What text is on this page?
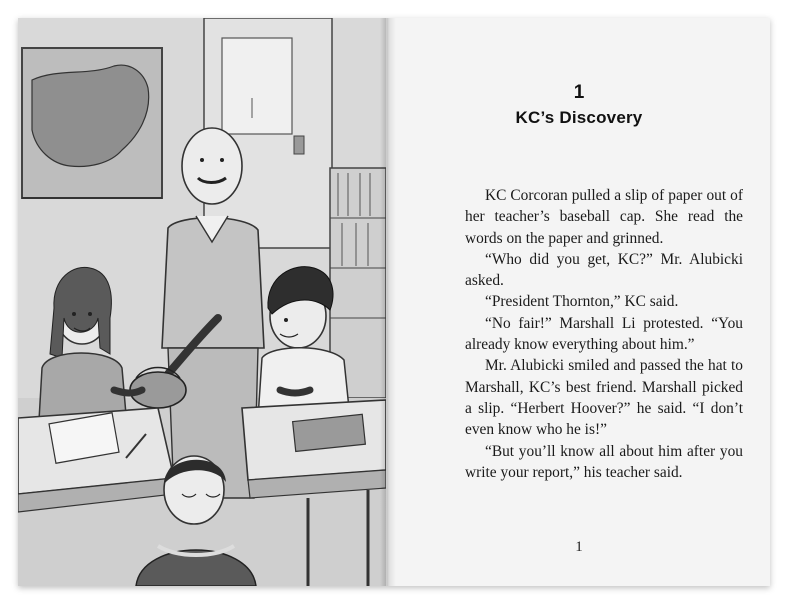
1
KC’s Discovery

KC Corcoran pulled a slip of paper out of her teacher’s baseball cap. She read the words on the paper and grinned.

“Who did you get, KC?” Mr. Alubicki asked.

“President Thornton,” KC said.

“No fair!” Marshall Li protested. “You already know everything about him.”

Mr. Alubicki smiled and passed the hat to Marshall, KC’s best friend. Marshall picked a slip. “Herbert Hoover?” he said. “I don’t even know who he is!”

“But you’ll know all about him after you write your report,” his teacher said.

1
